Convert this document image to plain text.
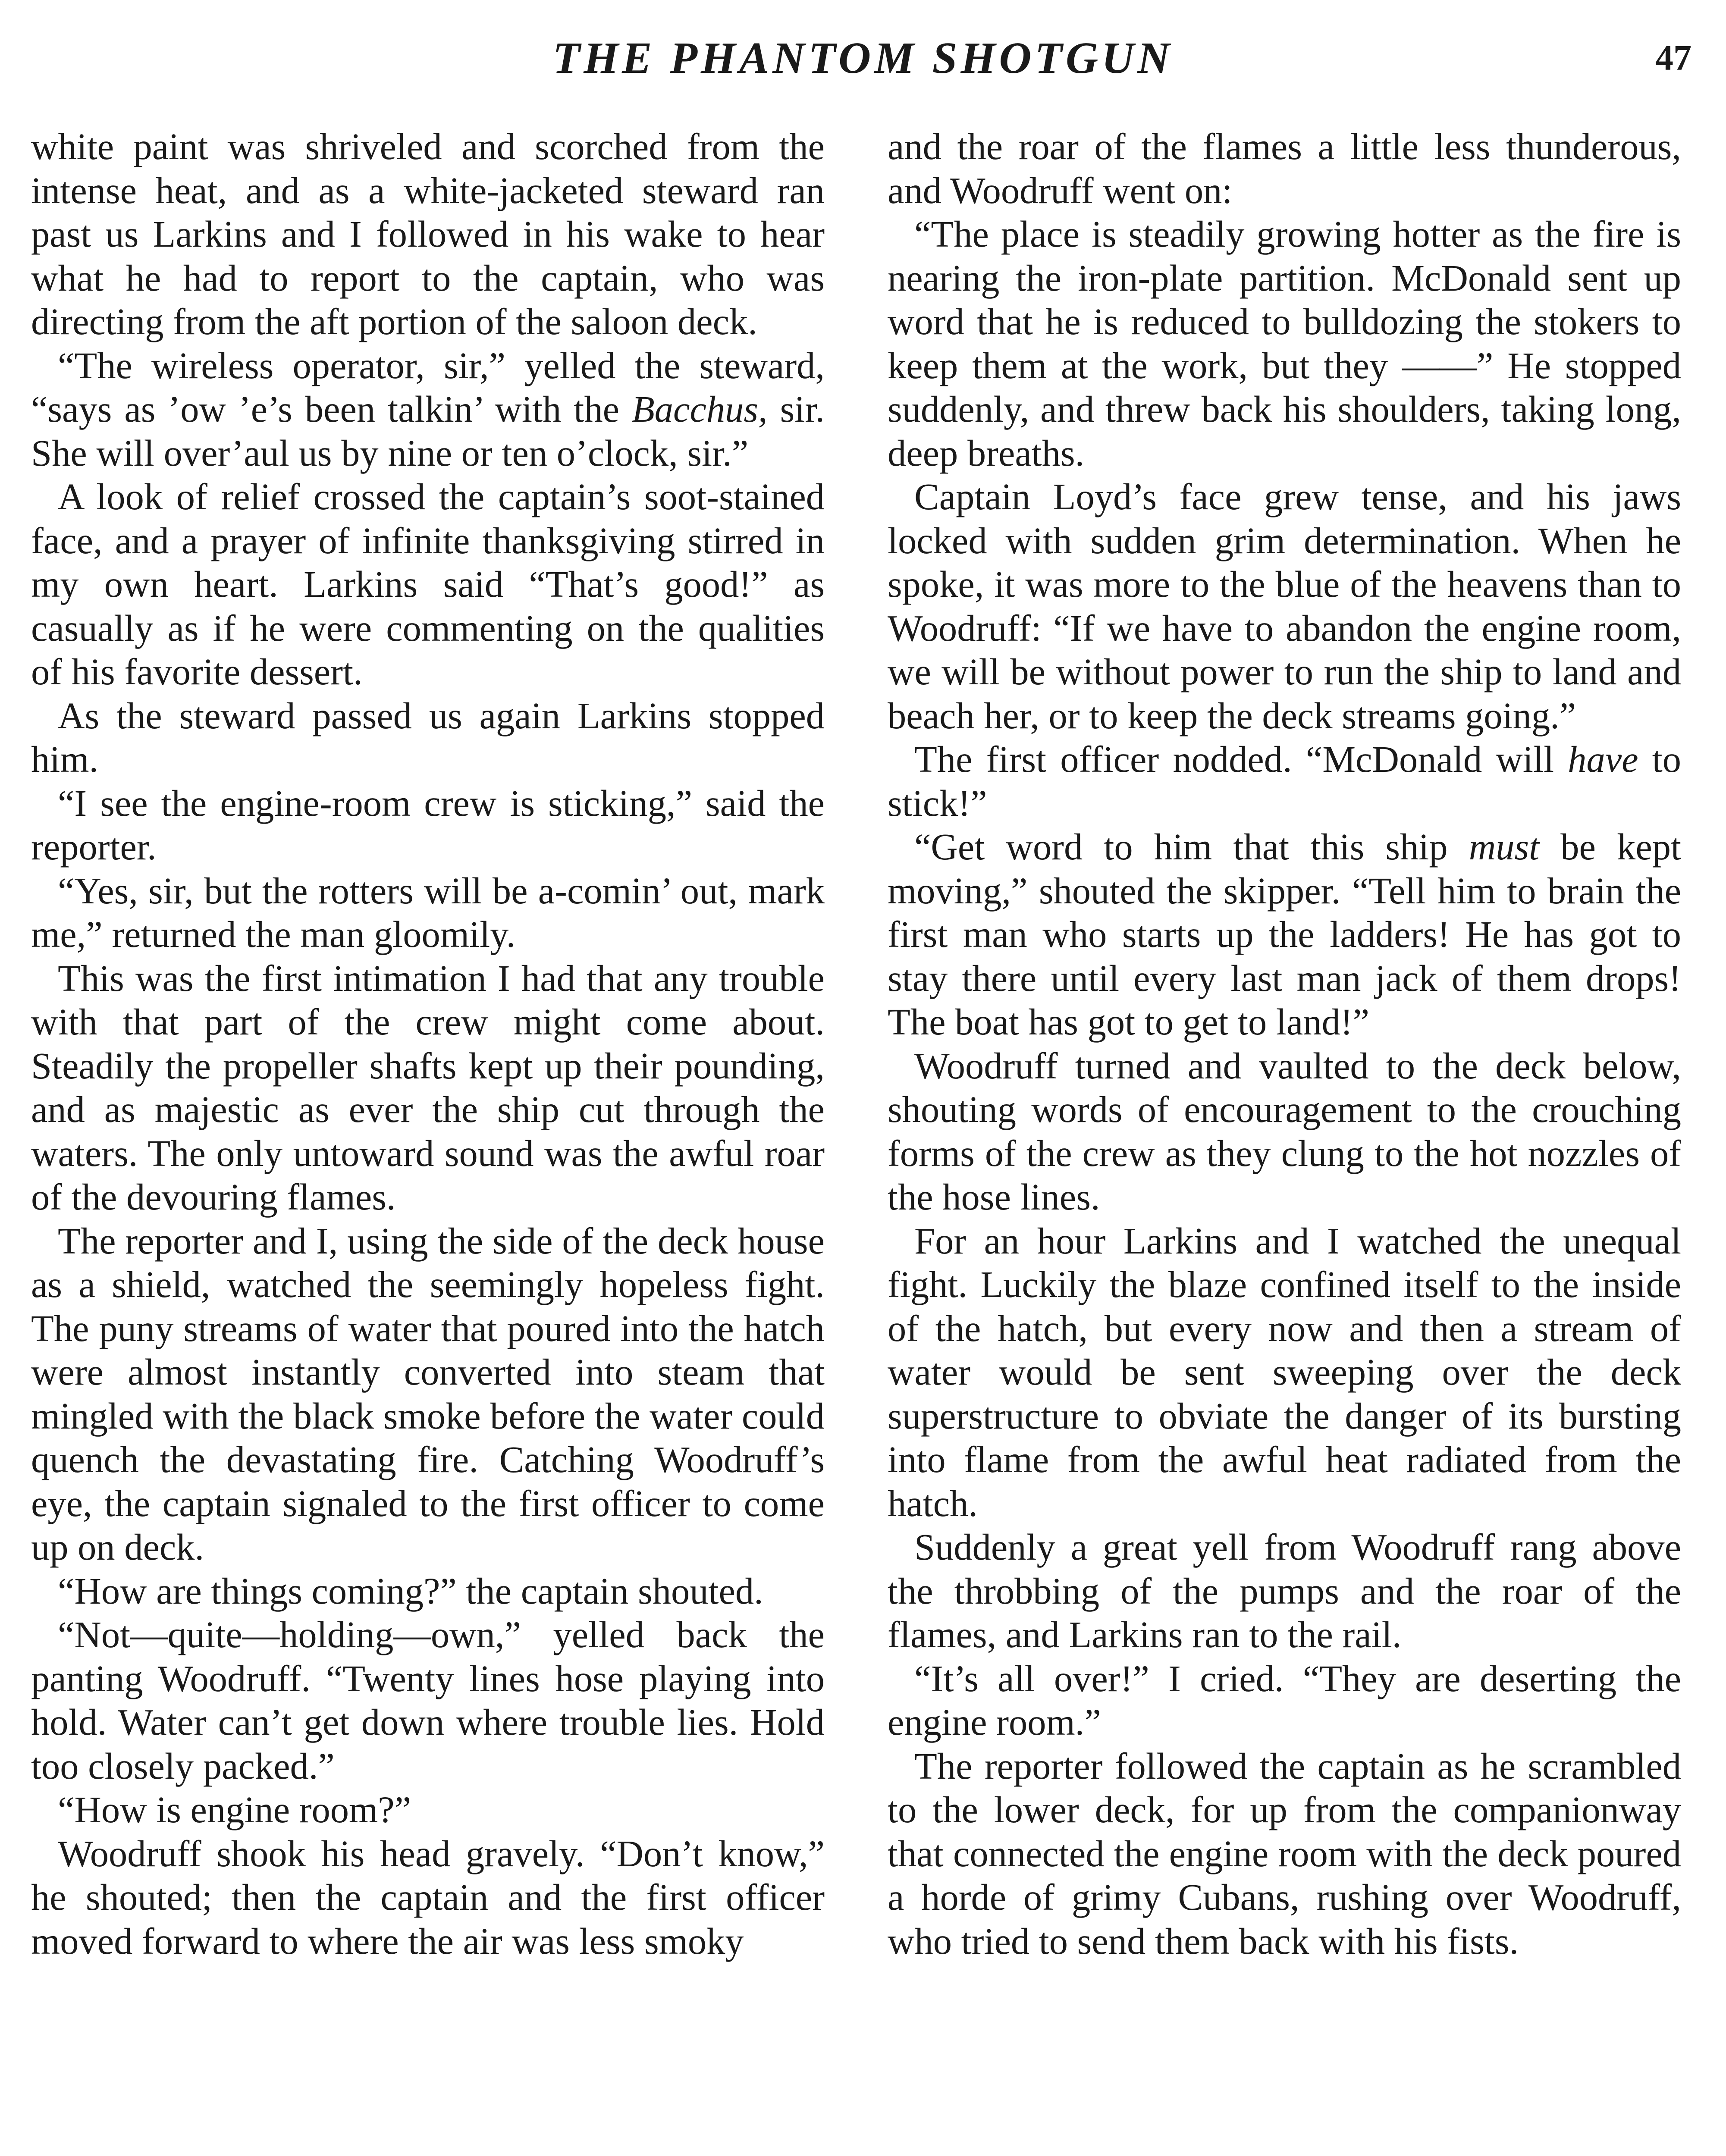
THE PHANTOM SHOTGUN	47

white paint was shriveled and scorched from the intense heat, and as a white-jacketed steward ran past us Larkins and I followed in his wake to hear what he had to report to the captain, who was directing from the aft portion of the saloon deck.

“The wireless operator, sir,” yelled the steward, “says as ’ow ’e’s been talkin’ with the Bacchus, sir. She will over’aul us by nine or ten o’clock, sir.”

A look of relief crossed the captain’s soot-stained face, and a prayer of infinite thanksgiving stirred in my own heart. Larkins said “That’s good!” as casually as if he were commenting on the qualities of his favorite dessert.

As the steward passed us again Larkins stopped him.

“I see the engine-room crew is sticking,” said the reporter.

“Yes, sir, but the rotters will be a-comin’ out, mark me,” returned the man gloomily.

This was the first intimation I had that any trouble with that part of the crew might come about. Steadily the propeller shafts kept up their pounding, and as majestic as ever the ship cut through the waters. The only untoward sound was the awful roar of the devouring flames.

The reporter and I, using the side of the deck house as a shield, watched the seemingly hopeless fight. The puny streams of water that poured into the hatch were almost instantly converted into steam that mingled with the black smoke before the water could quench the devastating fire. Catching Woodruff’s eye, the captain signaled to the first officer to come up on deck.

“How are things coming?” the captain shouted.

“Not—quite—holding—own,” yelled back the panting Woodruff. “Twenty lines hose playing into hold. Water can’t get down where trouble lies. Hold too closely packed.”

“How is engine room?”

Woodruff shook his head gravely. “Don’t know,” he shouted; then the captain and the first officer moved forward to where the air was less smoky

and the roar of the flames a little less thunderous, and Woodruff went on:

“The place is steadily growing hotter as the fire is nearing the iron-plate partition. McDonald sent up word that he is reduced to bulldozing the stokers to keep them at the work, but they ——” He stopped suddenly, and threw back his shoulders, taking long, deep breaths.

Captain Loyd’s face grew tense, and his jaws locked with sudden grim determination. When he spoke, it was more to the blue of the heavens than to Woodruff: “If we have to abandon the engine room, we will be without power to run the ship to land and beach her, or to keep the deck streams going.”

The first officer nodded. “McDonald will have to stick!”

“Get word to him that this ship must be kept moving,” shouted the skipper. “Tell him to brain the first man who starts up the ladders! He has got to stay there until every last man jack of them drops! The boat has got to get to land!”

Woodruff turned and vaulted to the deck below, shouting words of encouragement to the crouching forms of the crew as they clung to the hot nozzles of the hose lines.

For an hour Larkins and I watched the unequal fight. Luckily the blaze confined itself to the inside of the hatch, but every now and then a stream of water would be sent sweeping over the deck superstructure to obviate the danger of its bursting into flame from the awful heat radiated from the hatch.

Suddenly a great yell from Woodruff rang above the throbbing of the pumps and the roar of the flames, and Larkins ran to the rail.

“It’s all over!” I cried. “They are deserting the engine room.”

The reporter followed the captain as he scrambled to the lower deck, for up from the companionway that connected the engine room with the deck poured a horde of grimy Cubans, rushing over Woodruff, who tried to send them back with his fists.
